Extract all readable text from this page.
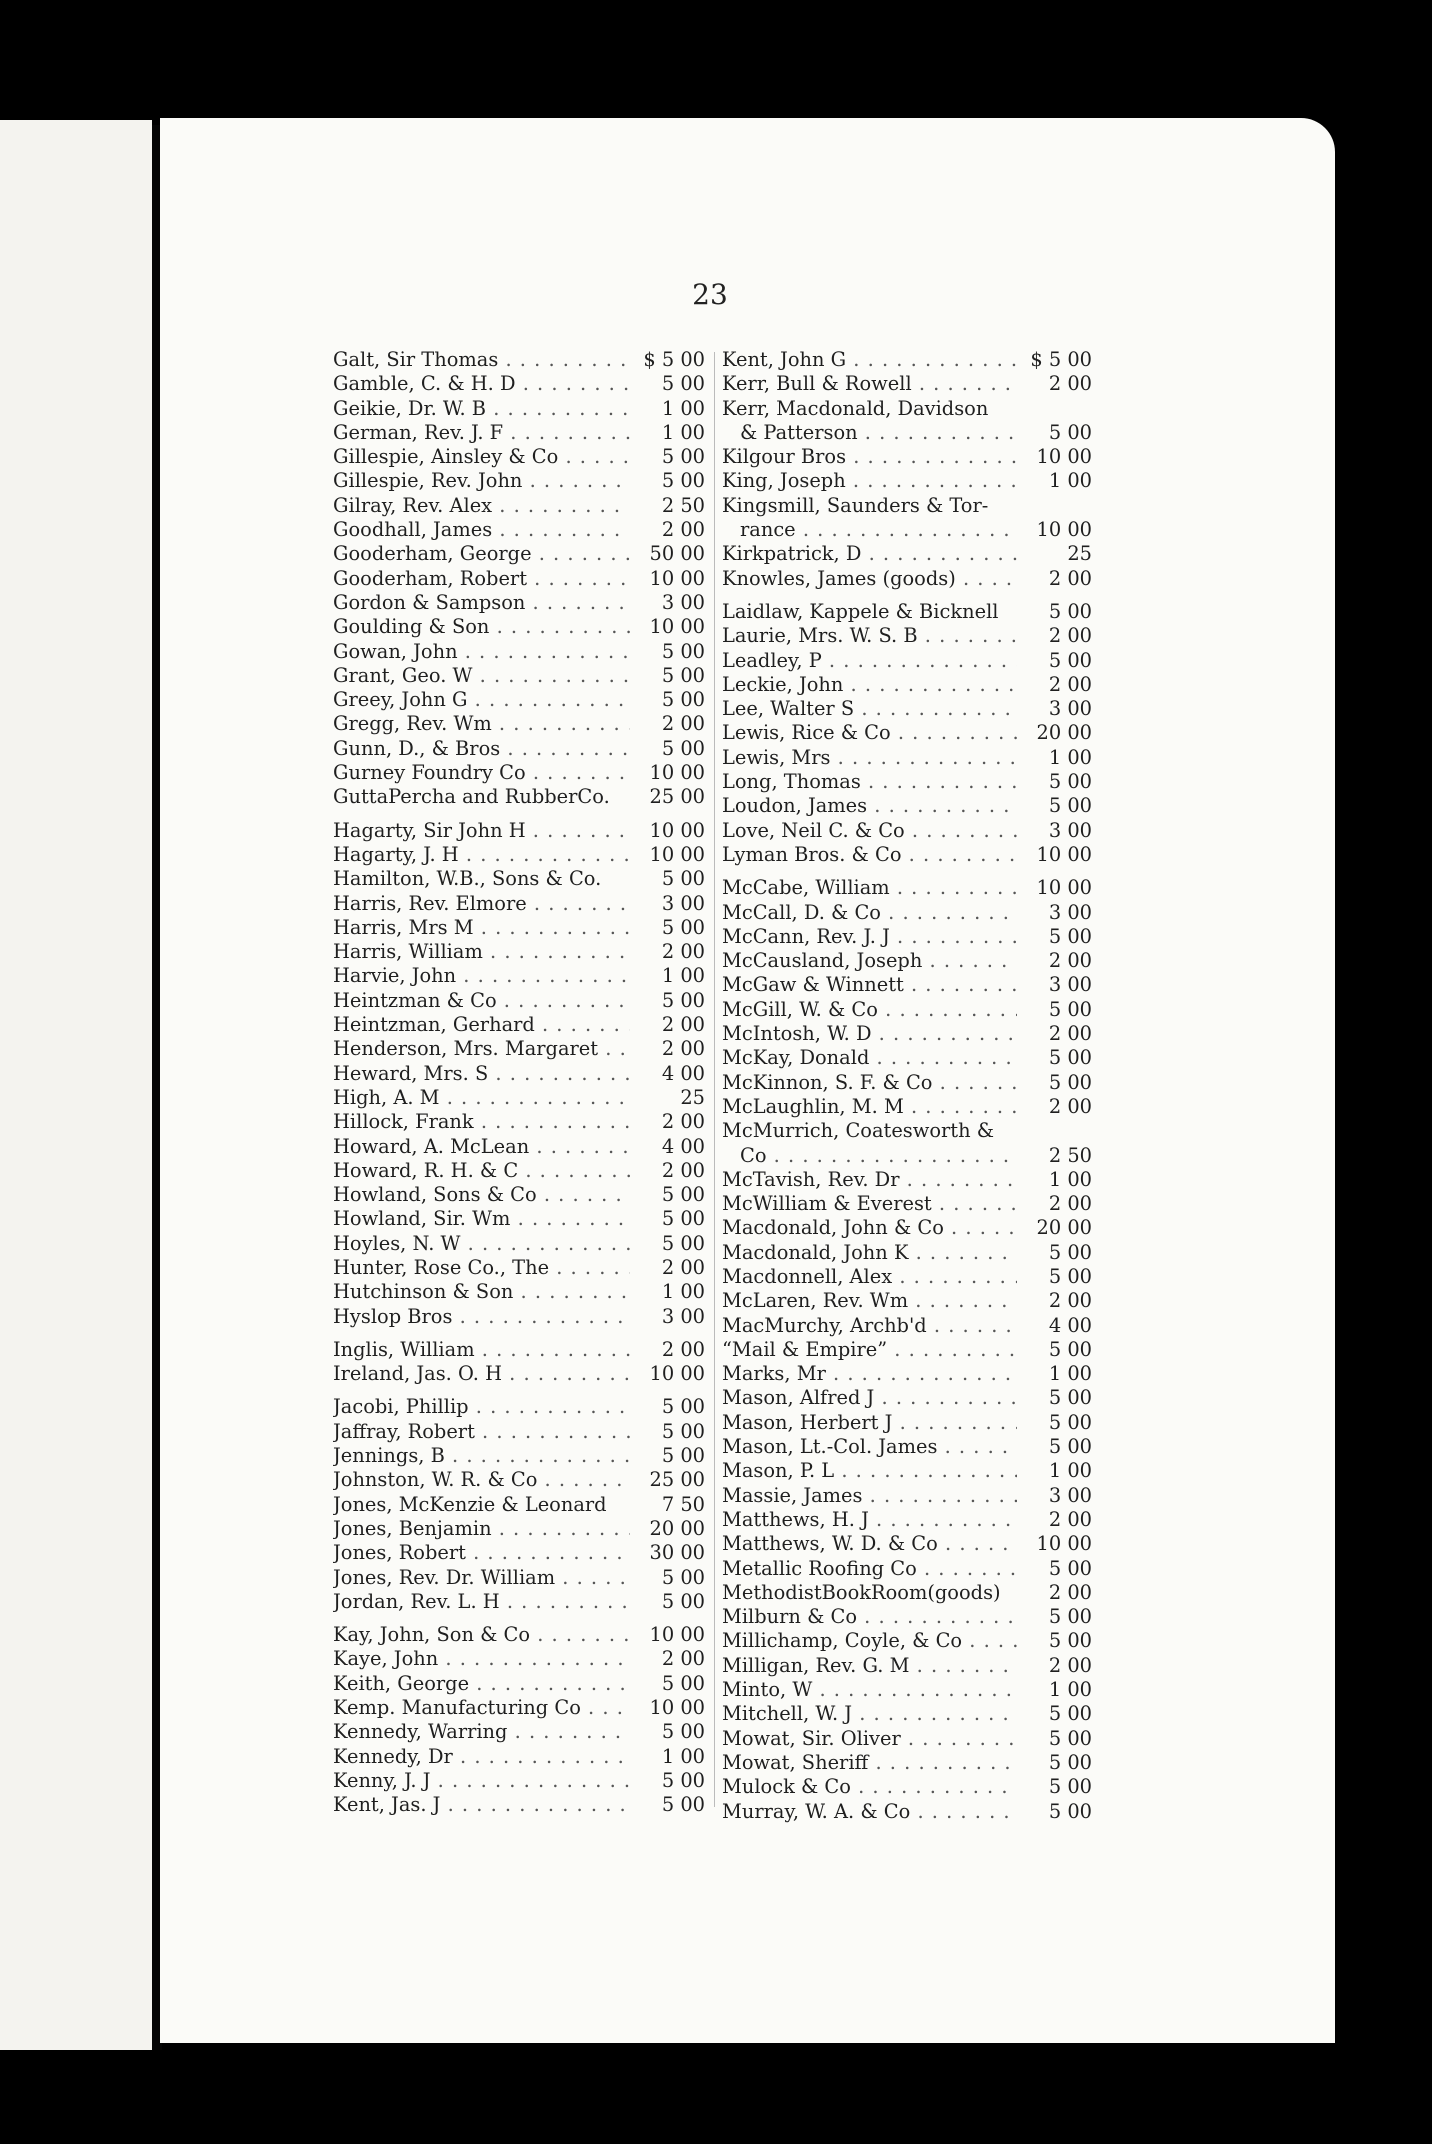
23
Galt, Sir Thomas . . .	$ 5 00
Gamble, C. & H. D . . .	5 00
Geikie, Dr. W. B . . .	1 00
German, Rev. J. F . . .	1 00
Gillespie, Ainsley & Co . . .	5 00
Gillespie, Rev. John . . .	5 00
Gilray, Rev. Alex . . .	2 50
Goodhall, James . . .	2 00
Gooderham, George . . .	50 00
Gooderham, Robert . . .	10 00
Gordon & Sampson . . .	3 00
Goulding & Son . . .	10 00
Gowan, John . . .	5 00
Grant, Geo. W . . .	5 00
Greey, John G . . .	5 00
Gregg, Rev. Wm . . .	2 00
Gunn, D., & Bros . . .	5 00
Gurney Foundry Co . . .	10 00
GuttaPercha and RubberCo.	25 00
Hagarty, Sir John H . . .	10 00
Hagarty, J. H . . .	10 00
Hamilton, W.B., Sons & Co.	5 00
Harris, Rev. Elmore . . .	3 00
Harris, Mrs M . . .	5 00
Harris, William . . .	2 00
Harvie, John . . .	1 00
Heintzman & Co . . .	5 00
Heintzman, Gerhard . . .	2 00
Henderson, Mrs. Margaret . . .	2 00
Heward, Mrs. S . . .	4 00
High, A. M . . .	25
Hillock, Frank . . .	2 00
Howard, A. McLean . . .	4 00
Howard, R. H. & C . . .	2 00
Howland, Sons & Co . . .	5 00
Howland, Sir. Wm . . .	5 00
Hoyles, N. W . . .	5 00
Hunter, Rose Co., The . . .	2 00
Hutchinson & Son . . .	1 00
Hyslop Bros . . .	3 00
Inglis, William . . .	2 00
Ireland, Jas. O. H . . .	10 00
Jacobi, Phillip . . .	5 00
Jaffray, Robert . . .	5 00
Jennings, B . . .	5 00
Johnston, W. R. & Co . . .	25 00
Jones, McKenzie & Leonard	7 50
Jones, Benjamin . . .	20 00
Jones, Robert . . .	30 00
Jones, Rev. Dr. William . . .	5 00
Jordan, Rev. L. H . . .	5 00
Kay, John, Son & Co . . .	10 00
Kaye, John . . .	2 00
Keith, George . . .	5 00
Kemp. Manufacturing Co . . .	10 00
Kennedy, Warring . . .	5 00
Kennedy, Dr . . .	1 00
Kenny, J. J . . .	5 00
Kent, Jas. J . . .	5 00
Kent, John G . . .	$ 5 00
Kerr, Bull & Rowell . . .	2 00
Kerr, Macdonald, Davidson
& Patterson . . .	5 00
Kilgour Bros . . .	10 00
King, Joseph . . .	1 00
Kingsmill, Saunders & Tor-
rance . . .	10 00
Kirkpatrick, D . . .	25
Knowles, James (goods) . . .	2 00
Laidlaw, Kappele & Bicknell	5 00
Laurie, Mrs. W. S. B . . .	2 00
Leadley, P . . .	5 00
Leckie, John . . .	2 00
Lee, Walter S . . .	3 00
Lewis, Rice & Co . . .	20 00
Lewis, Mrs . . .	1 00
Long, Thomas . . .	5 00
Loudon, James . . .	5 00
Love, Neil C. & Co . . .	3 00
Lyman Bros. & Co . . .	10 00
McCabe, William . . .	10 00
McCall, D. & Co . . .	3 00
McCann, Rev. J. J . . .	5 00
McCausland, Joseph . . .	2 00
McGaw & Winnett . . .	3 00
McGill, W. & Co . . .	5 00
McIntosh, W. D . . .	2 00
McKay, Donald . . .	5 00
McKinnon, S. F. & Co . . .	5 00
McLaughlin, M. M . . .	2 00
McMurrich, Coatesworth &
Co . . .	2 50
McTavish, Rev. Dr . . .	1 00
McWilliam & Everest . . .	2 00
Macdonald, John & Co . . .	20 00
Macdonald, John K . . .	5 00
Macdonnell, Alex . . .	5 00
McLaren, Rev. Wm . . .	2 00
MacMurchy, Archb'd . . .	4 00
“Mail & Empire” . . .	5 00
Marks, Mr . . .	1 00
Mason, Alfred J . . .	5 00
Mason, Herbert J . . .	5 00
Mason, Lt.-Col. James . . .	5 00
Mason, P. L . . .	1 00
Massie, James . . .	3 00
Matthews, H. J . . .	2 00
Matthews, W. D. & Co . . .	10 00
Metallic Roofing Co . . .	5 00
MethodistBookRoom(goods)	2 00
Milburn & Co . . .	5 00
Millichamp, Coyle, & Co . . .	5 00
Milligan, Rev. G. M . . .	2 00
Minto, W . . .	1 00
Mitchell, W. J . . .	5 00
Mowat, Sir. Oliver . . .	5 00
Mowat, Sheriff . . .	5 00
Mulock & Co . . .	5 00
Murray, W. A. & Co . . .	5 00
